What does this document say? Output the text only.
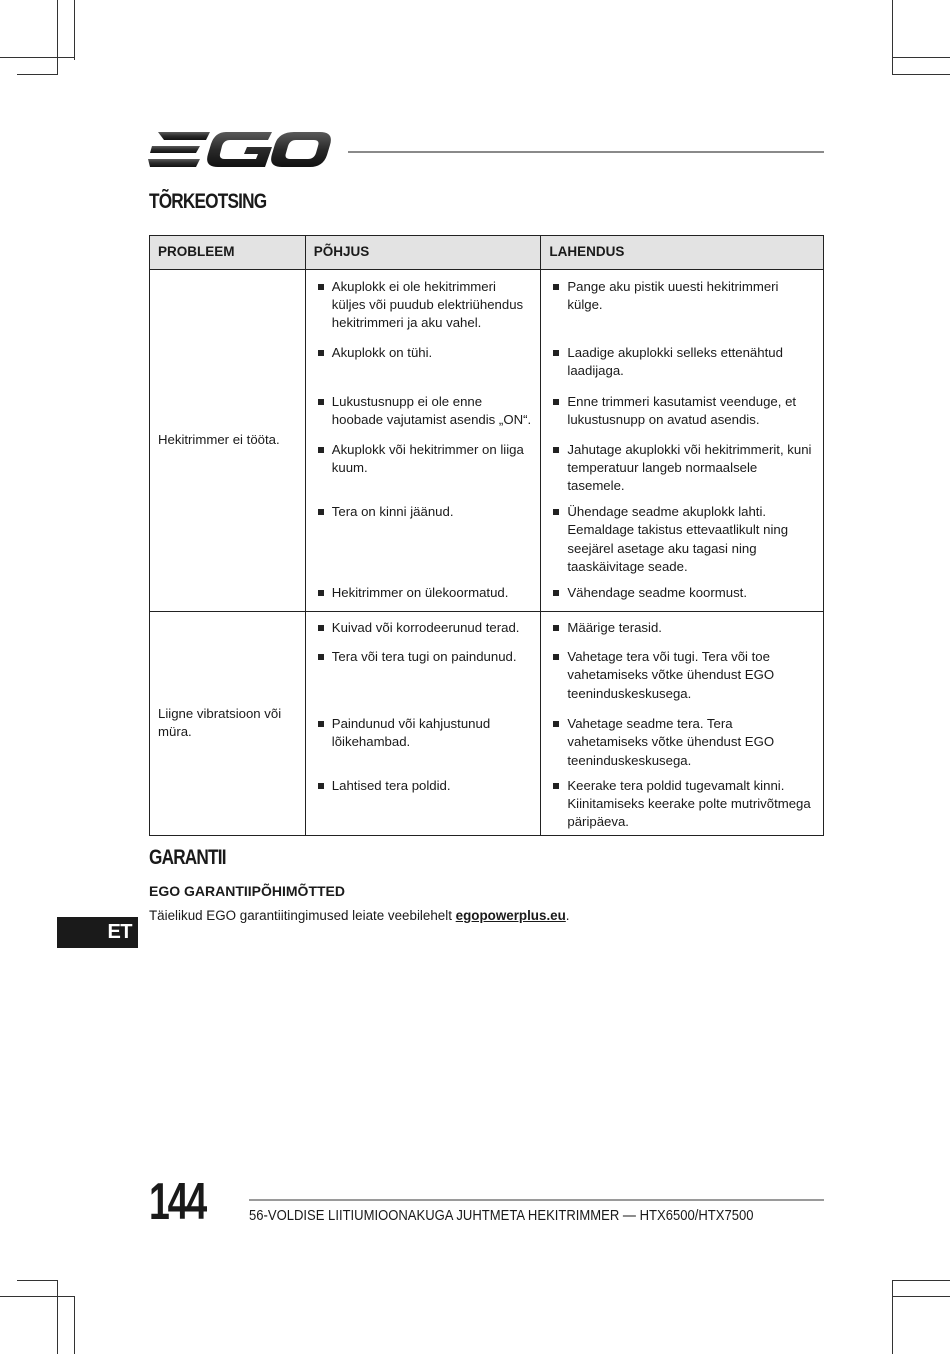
TÕRKEOTSING
PROBLEEM	PÕHJUS	LAHENDUS
Hekitrimmer ei tööta.	Akuplokk ei ole hekitrimmeri küljes või puudub elektriühendus hekitrimmeri ja aku vahel.	Pange aku pistik uuesti hekitrimmeri külge.

	Akuplokk on tühi.	Laadige akuplokki selleks ettenähtud laadijaga.

	Lukustusnupp ei ole enne hoobade vajutamist asendis „ON“.	Enne trimmeri kasutamist veenduge, et lukustusnupp on avatud asendis.

	Akuplokk või hekitrimmer on liiga kuum.	Jahutage akuplokki või hekitrimmerit, kuni temperatuur langeb normaalsele tasemele.

	Tera on kinni jäänud.	Ühendage seadme akuplokk lahti. Eemaldage takistus ettevaatlikult ning seejärel asetage aku tagasi ning taaskäivitage seade.

	Hekitrimmer on ülekoormatud.	Vähendage seadme koormust.

Liigne vibratsioon või müra.	Kuivad või korrodeerunud terad.	Määrige terasid.

	Tera või tera tugi on paindunud.	Vahetage tera või tugi. Tera või toe vahetamiseks võtke ühendust EGO teeninduskeskusega.

	Paindunud või kahjustunud lõikehambad.	Vahetage seadme tera. Tera vahetamiseks võtke ühendust EGO teeninduskeskusega.

	Lahtised tera poldid.	Keerake tera poldid tugevamalt kinni. Kiinitamiseks keerake polte mutrivõtmega päripäeva.
GARANTII
EGO GARANTIIPÕHIMÕTTED

Täielikud EGO garantiitingimused leiate veebilehelt egopowerplus.eu.

ET

144	56-VOLDISE LIITIUMIOONAKUGA JUHTMETA HEKITRIMMER — HTX6500/HTX7500
